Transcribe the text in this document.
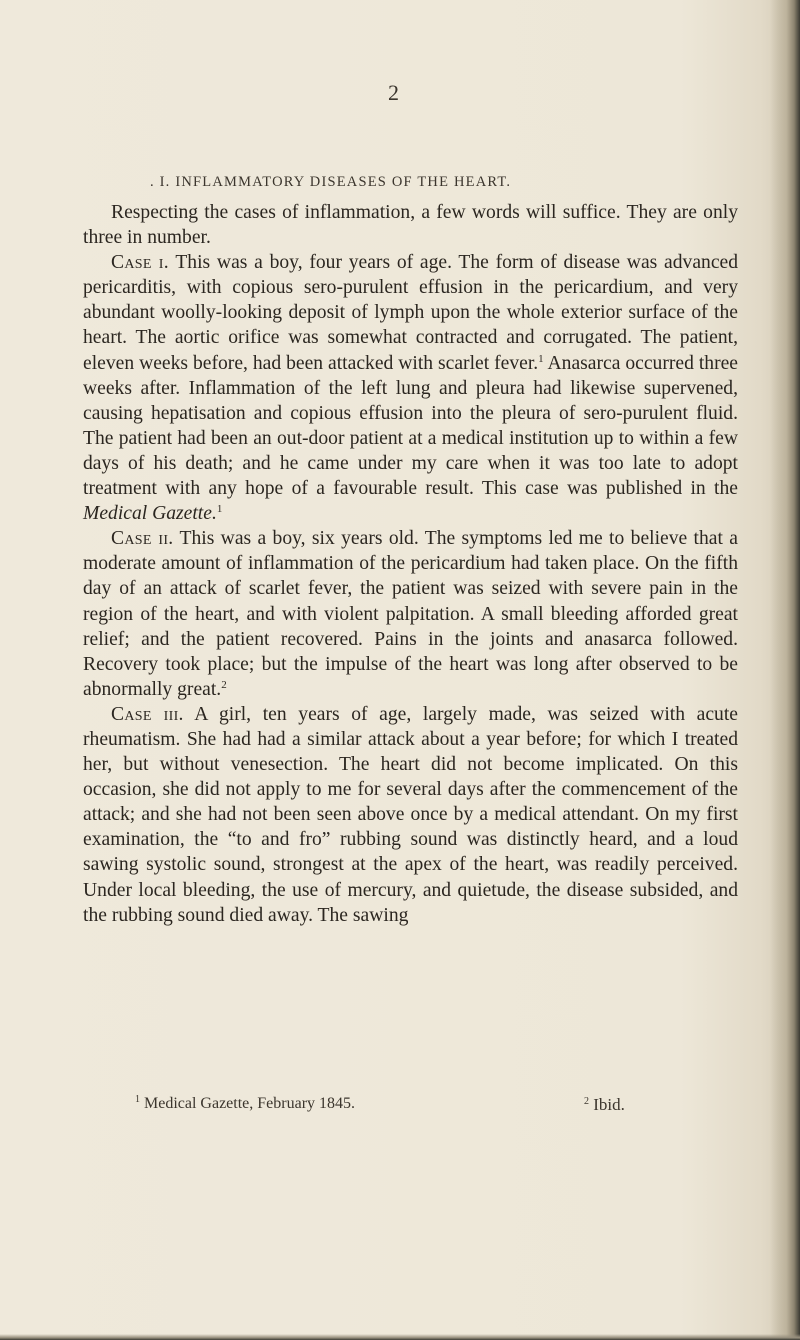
2
. I. INFLAMMATORY DISEASES OF THE HEART.

Respecting the cases of inflammation, a few words will suffice. They are only three in number.

Case i. This was a boy, four years of age. The form of disease was advanced pericarditis, with copious sero-purulent effusion in the pericardium, and very abundant woolly-looking deposit of lymph upon the whole exterior surface of the heart. The aortic orifice was somewhat contracted and corrugated. The patient, eleven weeks before, had been attacked with scarlet fever.$^1$ Anasarca occurred three weeks after. Inflammation of the left lung and pleura had likewise supervened, causing hepatisation and copious effusion into the pleura of sero-purulent fluid. The patient had been an out-door patient at a medical institution up to within a few days of his death; and he came under my care when it was too late to adopt treatment with any hope of a favourable result. This case was published in the Medical Gazette.$^1$

Case ii. This was a boy, six years old. The symptoms led me to believe that a moderate amount of inflammation of the pericardium had taken place. On the fifth day of an attack of scarlet fever, the patient was seized with severe pain in the region of the heart, and with violent palpitation. A small bleeding afforded great relief; and the patient recovered. Pains in the joints and anasarca followed. Recovery took place; but the impulse of the heart was long after observed to be abnormally great.$^2$

Case iii. A girl, ten years of age, largely made, was seized with acute rheumatism. She had had a similar attack about a year before; for which I treated her, but without venesection. The heart did not become implicated. On this occasion, she did not apply to me for several days after the commencement of the attack; and she had not been seen above once by a medical attendant. On my first examination, the “to and fro” rubbing sound was distinctly heard, and a loud sawing systolic sound, strongest at the apex of the heart, was readily perceived. Under local bleeding, the use of mercury, and quietude, the disease subsided, and the rubbing sound died away. The sawing

$^1$ Medical Gazette, February 1845.	$^2$ Ibid.
